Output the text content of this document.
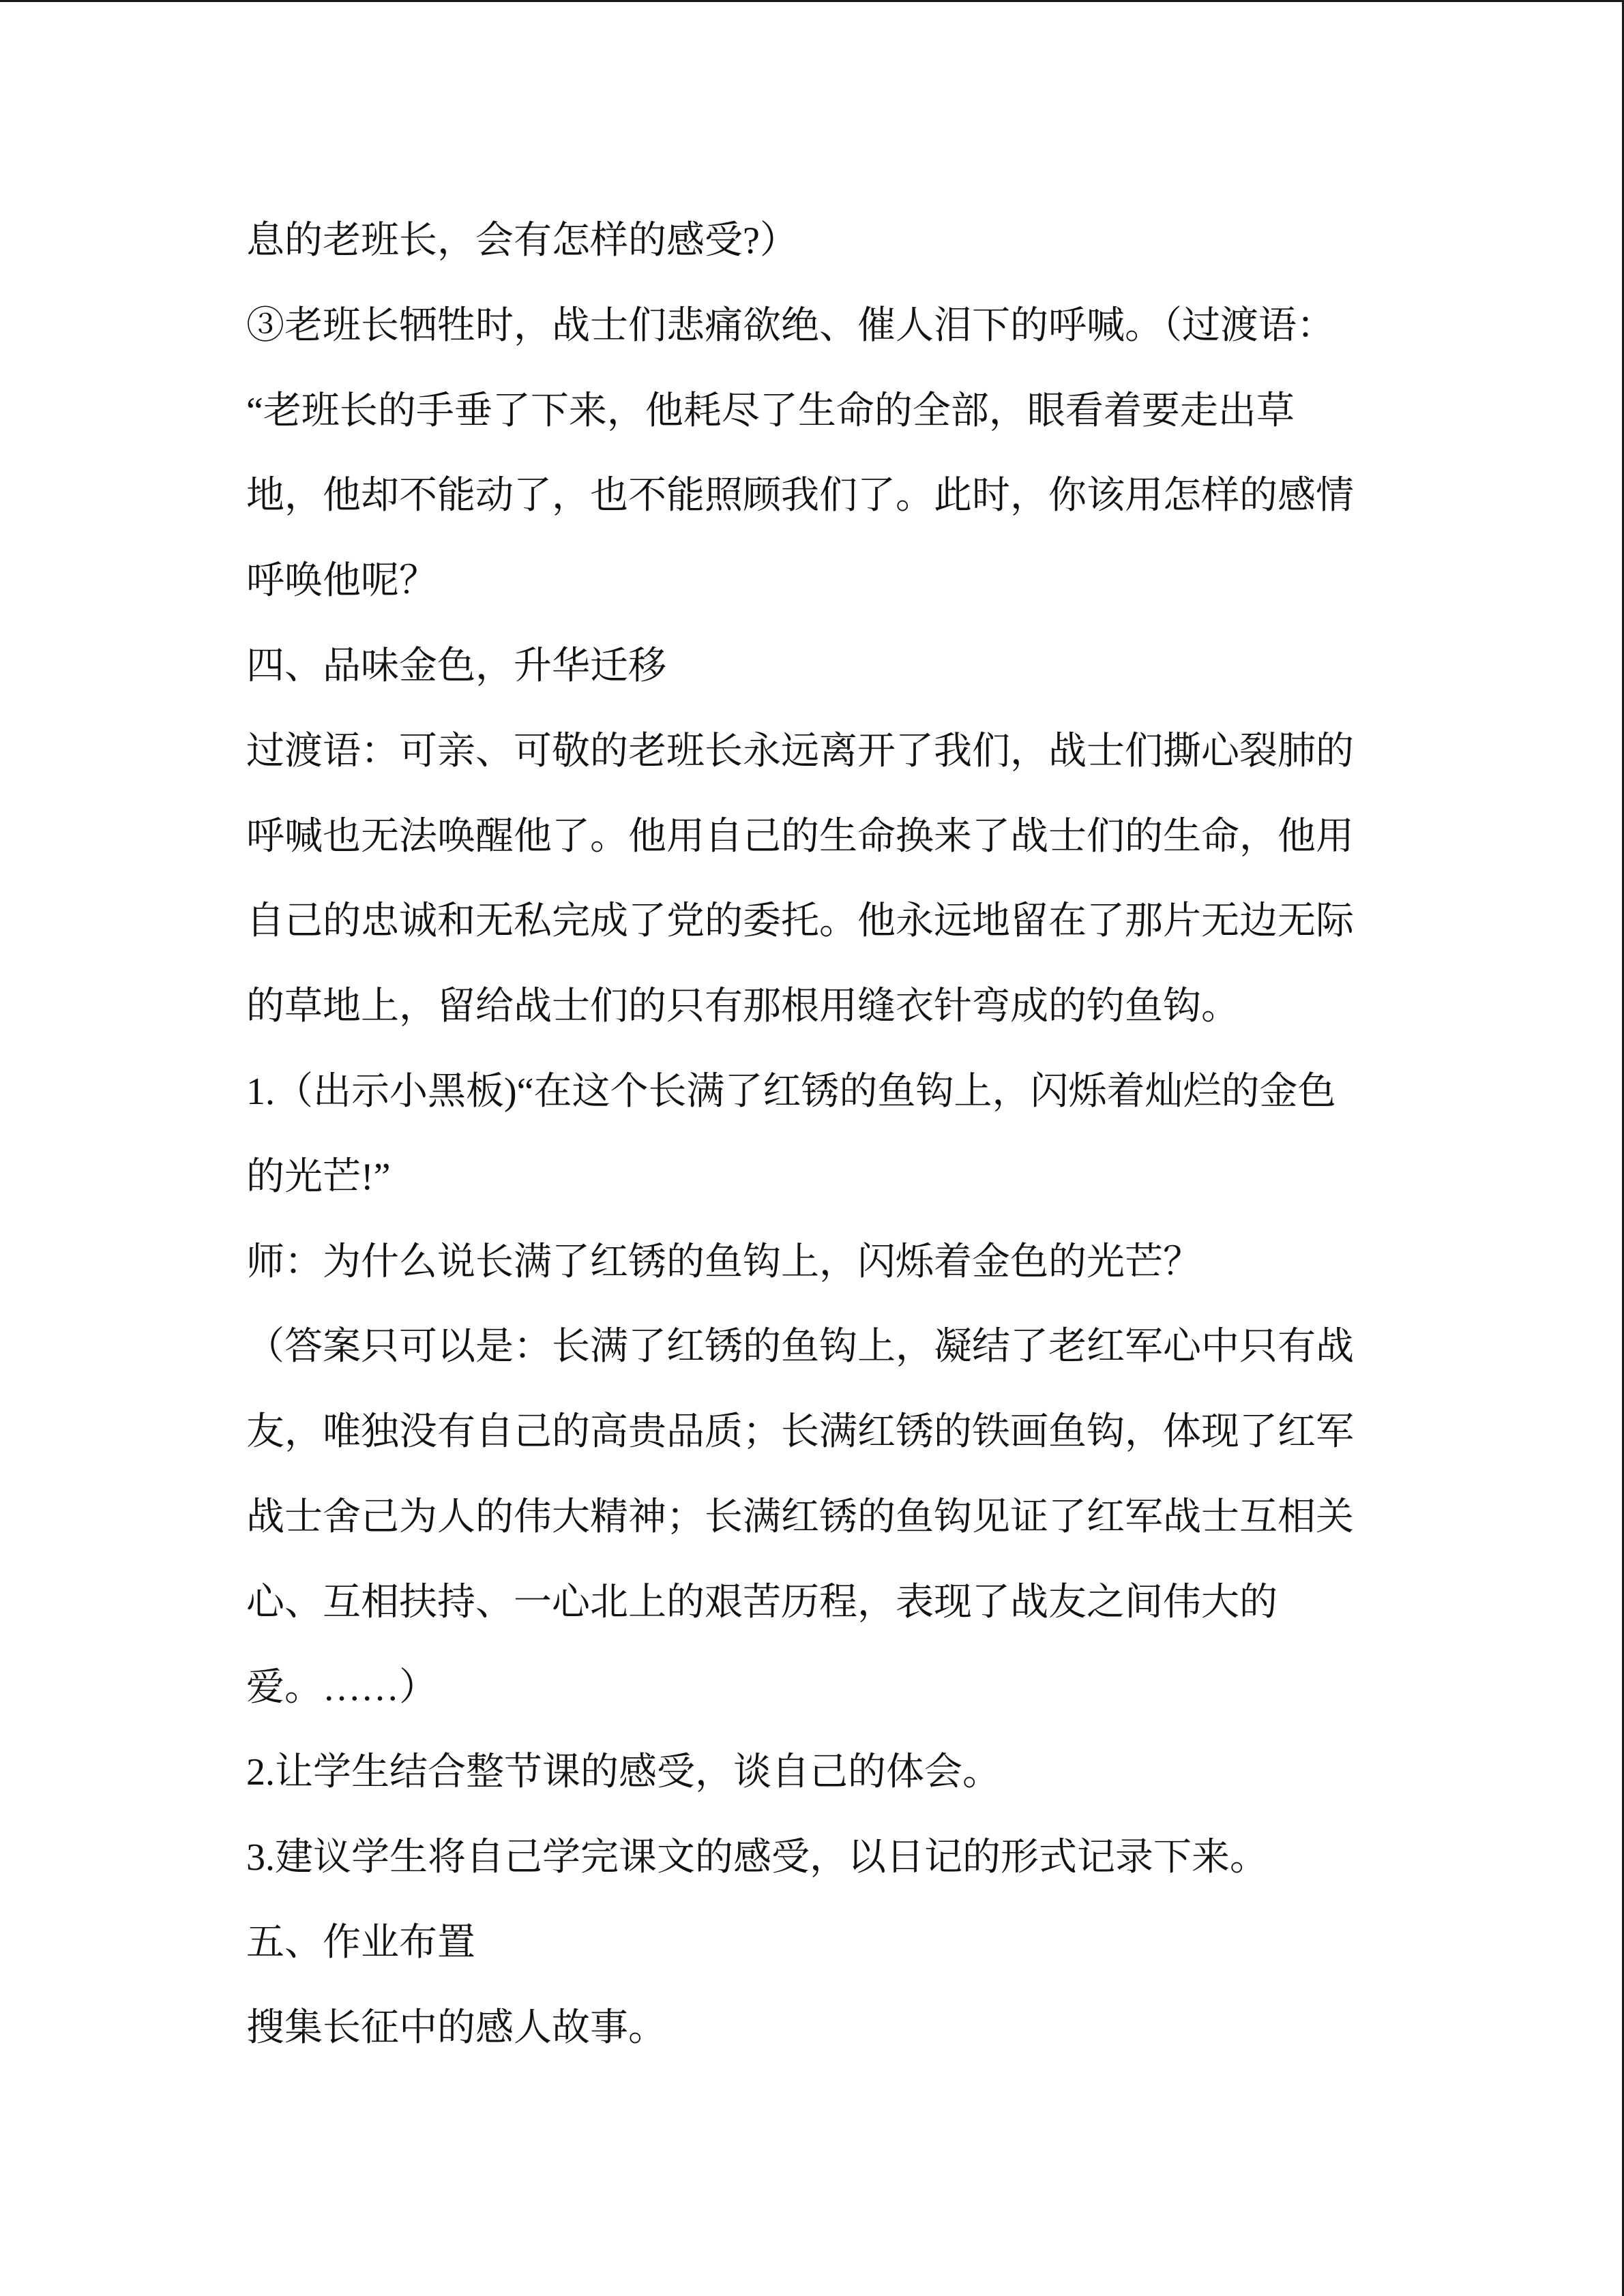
息的老班长，会有怎样的感受?）
③老班长牺牲时，战士们悲痛欲绝、催人泪下的呼喊。（过渡语：
“老班长的手垂了下来，他耗尽了生命的全部，眼看着要走出草
地，他却不能动了，也不能照顾我们了。此时，你该用怎样的感情
呼唤他呢？
四、品味金色，升华迁移
过渡语：可亲、可敬的老班长永远离开了我们，战士们撕心裂肺的
呼喊也无法唤醒他了。他用自己的生命换来了战士们的生命，他用
自己的忠诚和无私完成了党的委托。他永远地留在了那片无边无际
的草地上，留给战士们的只有那根用缝衣针弯成的钓鱼钩。
1.（出示小黑板)“在这个长满了红锈的鱼钩上，闪烁着灿烂的金色
的光芒!”
师：为什么说长满了红锈的鱼钩上，闪烁着金色的光芒？
（答案只可以是：长满了红锈的鱼钩上，凝结了老红军心中只有战
友，唯独没有自己的高贵品质；长满红锈的铁画鱼钩，体现了红军
战士舍己为人的伟大精神；长满红锈的鱼钩见证了红军战士互相关
心、互相扶持、一心北上的艰苦历程，表现了战友之间伟大的
爱。……）
2.让学生结合整节课的感受，谈自己的体会。
3.建议学生将自己学完课文的感受，以日记的形式记录下来。
五、作业布置
搜集长征中的感人故事。
